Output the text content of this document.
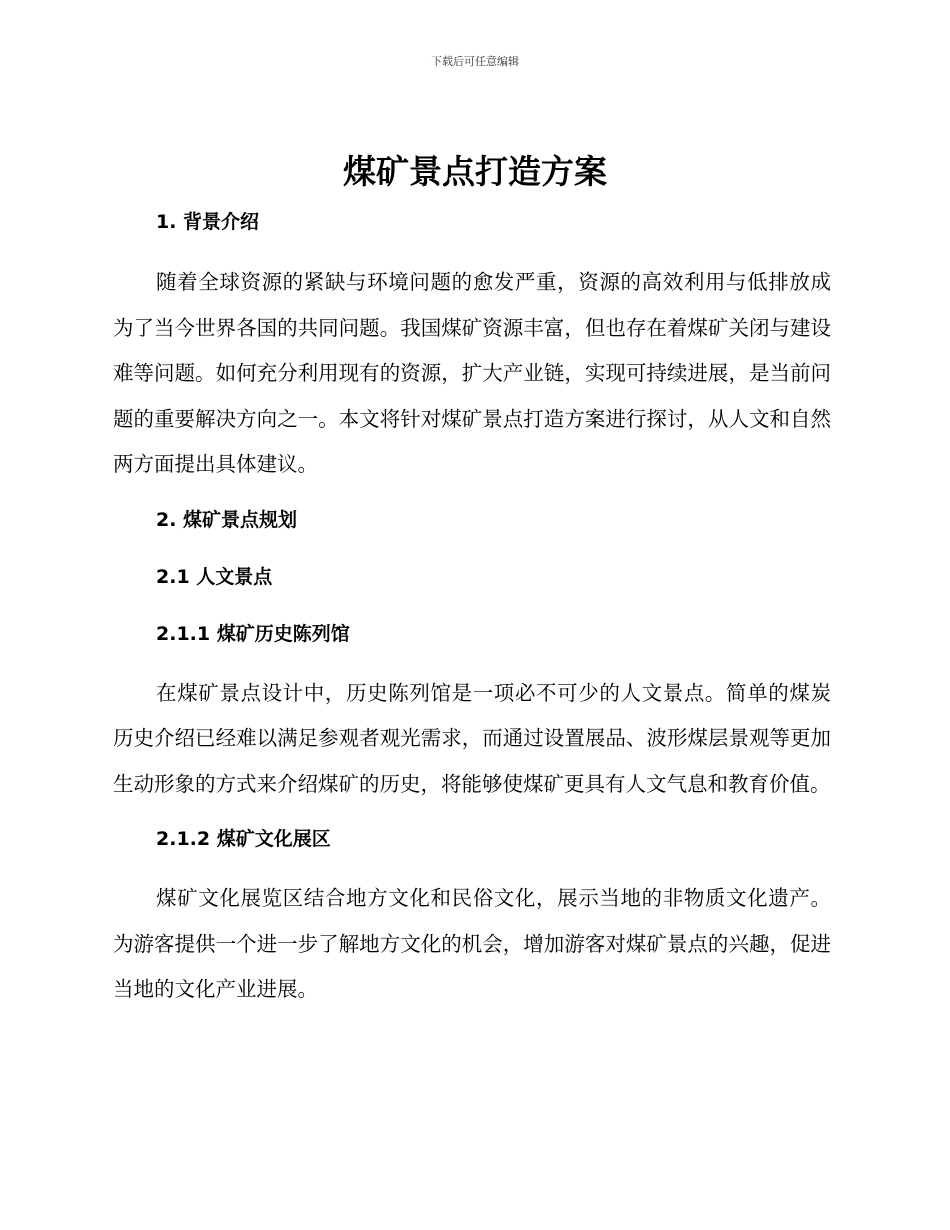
下载后可任意编辑
煤矿景点打造方案
1. 背景介绍

随着全球资源的紧缺与环境问题的愈发严重，资源的高效利用与低排放成为了当今世界各国的共同问题。我国煤矿资源丰富，但也存在着煤矿关闭与建设难等问题。如何充分利用现有的资源，扩大产业链，实现可持续进展，是当前问题的重要解决方向之一。本文将针对煤矿景点打造方案进行探讨，从人文和自然两方面提出具体建议。

2. 煤矿景点规划
2.1 人文景点
2.1.1 煤矿历史陈列馆

在煤矿景点设计中，历史陈列馆是一项必不可少的人文景点。简单的煤炭历史介绍已经难以满足参观者观光需求，而通过设置展品、波形煤层景观等更加生动形象的方式来介绍煤矿的历史，将能够使煤矿更具有人文气息和教育价值。

2.1.2 煤矿文化展区

煤矿文化展览区结合地方文化和民俗文化，展示当地的非物质文化遗产。为游客提供一个进一步了解地方文化的机会，增加游客对煤矿景点的兴趣，促进当地的文化产业进展。
